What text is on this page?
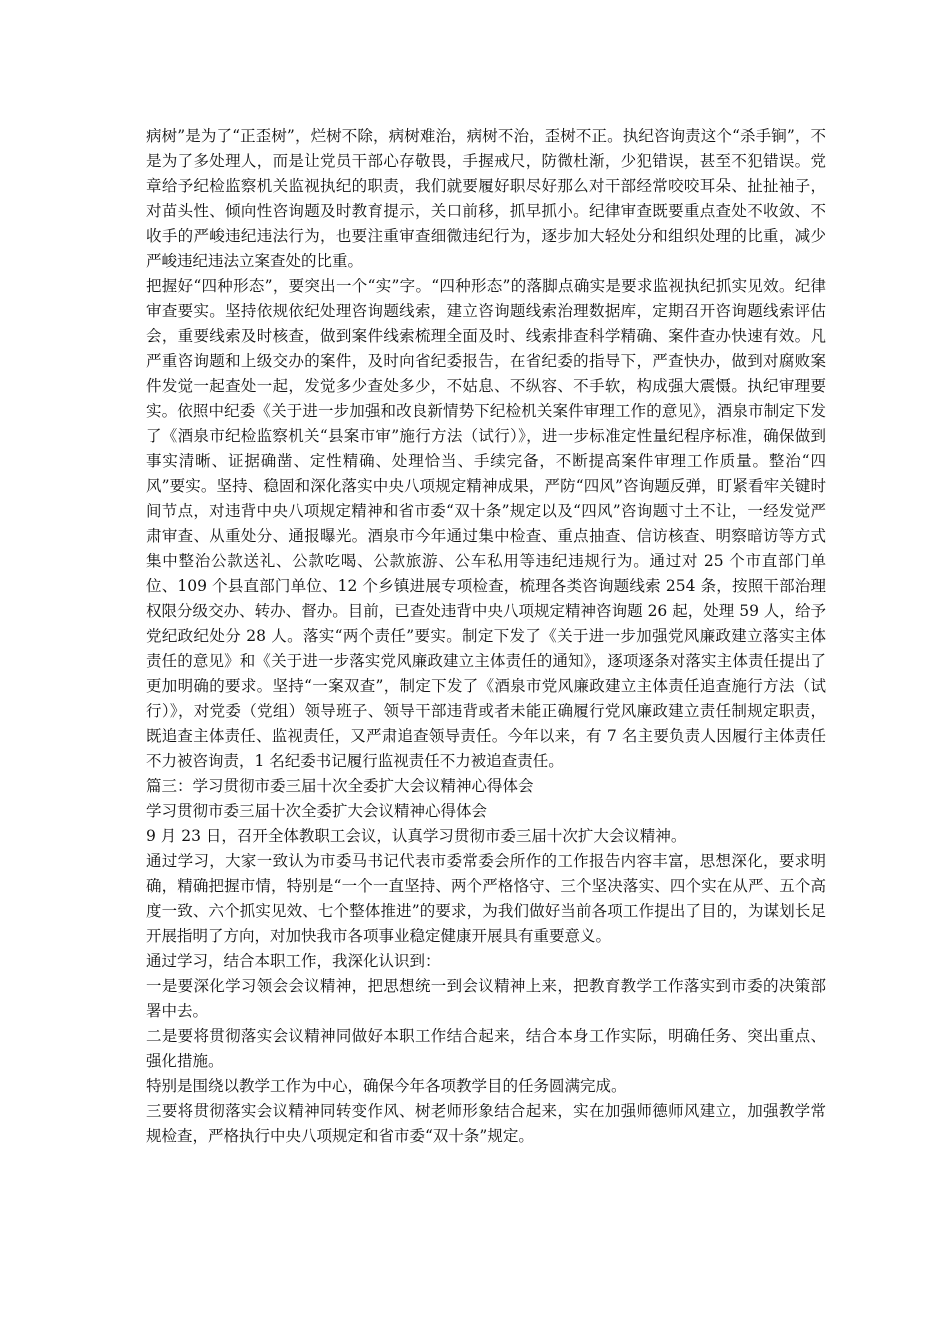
病树”是为了“正歪树”，烂树不除，病树难治，病树不治，歪树不正。执纪咨询责这个“杀手锏”，不是为了多处理人，而是让党员干部心存敬畏，手握戒尺，防微杜渐，少犯错误，甚至不犯错误。党章给予纪检监察机关监视执纪的职责，我们就要履好职尽好那么对干部经常咬咬耳朵、扯扯袖子，对苗头性、倾向性咨询题及时教育提示，关口前移，抓早抓小。纪律审查既要重点查处不收敛、不收手的严峻违纪违法行为，也要注重审查细微违纪行为，逐步加大轻处分和组织处理的比重，减少严峻违纪违法立案查处的比重。

把握好“四种形态”，要突出一个“实”字。“四种形态”的落脚点确实是要求监视执纪抓实见效。纪律审查要实。坚持依规依纪处理咨询题线索，建立咨询题线索治理数据库，定期召开咨询题线索评估会，重要线索及时核查，做到案件线索梳理全面及时、线索排查科学精确、案件查办快速有效。凡严重咨询题和上级交办的案件，及时向省纪委报告，在省纪委的指导下，严查快办，做到对腐败案件发觉一起查处一起，发觉多少查处多少，不姑息、不纵容、不手软，构成强大震慑。执纪审理要实。依照中纪委《关于进一步加强和改良新情势下纪检机关案件审理工作的意见》，酒泉市制定下发了《酒泉市纪检监察机关“县案市审”施行方法（试行）》，进一步标准定性量纪程序标准，确保做到事实清晰、证据确凿、定性精确、处理恰当、手续完备，不断提高案件审理工作质量。整治“四风”要实。坚持、稳固和深化落实中央八项规定精神成果，严防“四风”咨询题反弹，盯紧看牢关键时间节点，对违背中央八项规定精神和省市委“双十条”规定以及“四风”咨询题寸土不让，一经发觉严肃审查、从重处分、通报曝光。酒泉市今年通过集中检查、重点抽查、信访核查、明察暗访等方式集中整治公款送礼、公款吃喝、公款旅游、公车私用等违纪违规行为。通过对 25 个市直部门单位、109 个县直部门单位、12 个乡镇进展专项检查，梳理各类咨询题线索 254 条，按照干部治理权限分级交办、转办、督办。目前，已查处违背中央八项规定精神咨询题 26 起，处理 59 人，给予党纪政纪处分 28 人。落实“两个责任”要实。制定下发了《关于进一步加强党风廉政建立落实主体责任的意见》和《关于进一步落实党风廉政建立主体责任的通知》，逐项逐条对落实主体责任提出了更加明确的要求。坚持“一案双查”，制定下发了《酒泉市党风廉政建立主体责任追查施行方法（试行）》，对党委（党组）领导班子、领导干部违背或者未能正确履行党风廉政建立责任制规定职责，既追查主体责任、监视责任，又严肃追查领导责任。今年以来，有 7 名主要负责人因履行主体责任不力被咨询责，1 名纪委书记履行监视责任不力被追查责任。

篇三：学习贯彻市委三届十次全委扩大会议精神心得体会

学习贯彻市委三届十次全委扩大会议精神心得体会

9 月 23 日，召开全体教职工会议，认真学习贯彻市委三届十次扩大会议精神。

通过学习，大家一致认为市委马书记代表市委常委会所作的工作报告内容丰富，思想深化，要求明确，精确把握市情，特别是“一个一直坚持、两个严格恪守、三个坚决落实、四个实在从严、五个高度一致、六个抓实见效、七个整体推进”的要求，为我们做好当前各项工作提出了目的，为谋划长足开展指明了方向，对加快我市各项事业稳定健康开展具有重要意义。

通过学习，结合本职工作，我深化认识到：

一是要深化学习领会会议精神，把思想统一到会议精神上来，把教育教学工作落实到市委的决策部署中去。

二是要将贯彻落实会议精神同做好本职工作结合起来，结合本身工作实际，明确任务、突出重点、强化措施。

特别是围绕以教学工作为中心，确保今年各项教学目的任务圆满完成。

三要将贯彻落实会议精神同转变作风、树老师形象结合起来，实在加强师德师风建立，加强教学常规检查，严格执行中央八项规定和省市委“双十条”规定。
